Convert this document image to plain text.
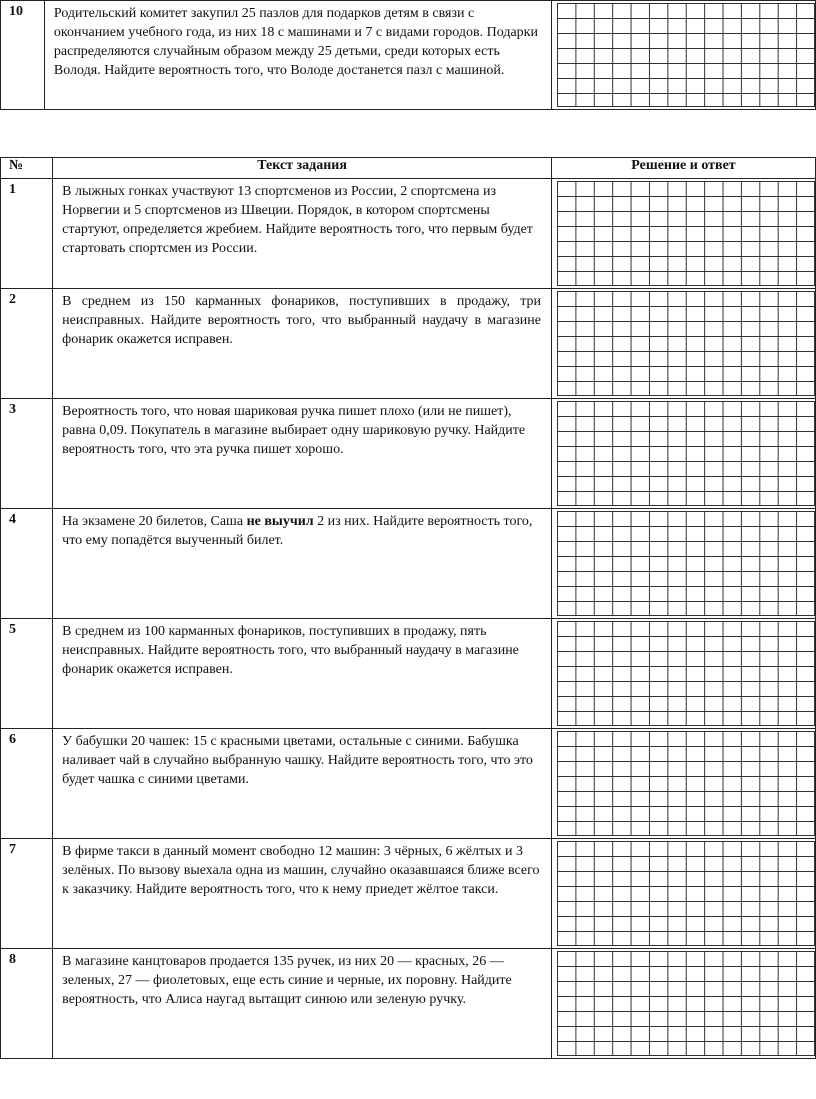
10	Родительский комитет закупил 25 пазлов для подарков детям в связи с окончанием учебного года, из них 18 с машинами и 7 с видами городов. Подарки распределяются случайным образом между 25 детьми, среди которых есть Володя. Найдите вероятность того, что Володе достанется пазл с машиной.	
№	Текст задания	Решение и ответ
1	В лыжных гонках участвуют 13 спортсменов из России, 2 спортсмена из Норвегии и 5 спортсменов из Швеции. Порядок, в котором спортсмены стартуют, определяется жребием. Найдите вероятность того, что первым будет стартовать спортсмен из России.	

2	В среднем из 150 карманных фонариков, поступивших в продажу, три неисправных. Найдите вероятность того, что выбранный наудачу в магазине фонарик окажется исправен.	

3	Вероятность того, что новая шариковая ручка пишет плохо (или не пишет), равна 0,09. Покупатель в магазине выбирает одну шариковую ручку. Найдите вероятность того, что эта ручка пишет хорошо.	

4	На экзамене 20 билетов, Саша не выучил 2 из них. Найдите вероятность того, что ему попадётся выученный билет.	

5	В среднем из 100 карманных фонариков, поступивших в продажу, пять неисправных. Найдите вероятность того, что выбранный наудачу в магазине фонарик окажется исправен.	

6	У бабушки 20 чашек: 15 с красными цветами, остальные с синими. Бабушка наливает чай в случайно выбранную чашку. Найдите вероятность того, что это будет чашка с синими цветами.	

7	В фирме такси в данный момент свободно 12 машин: 3 чёрных, 6 жёлтых и 3 зелёных. По вызову выехала одна из машин, случайно оказавшаяся ближе всего к заказчику. Найдите вероятность того, что к нему приедет жёлтое такси.	

8	В магазине канцтоваров продается 135 ручек, из них 20 — красных, 26 — зеленых, 27 — фиолетовых, еще есть синие и черные, их поровну. Найдите вероятность, что Алиса наугад вытащит синюю или зеленую ручку.	
